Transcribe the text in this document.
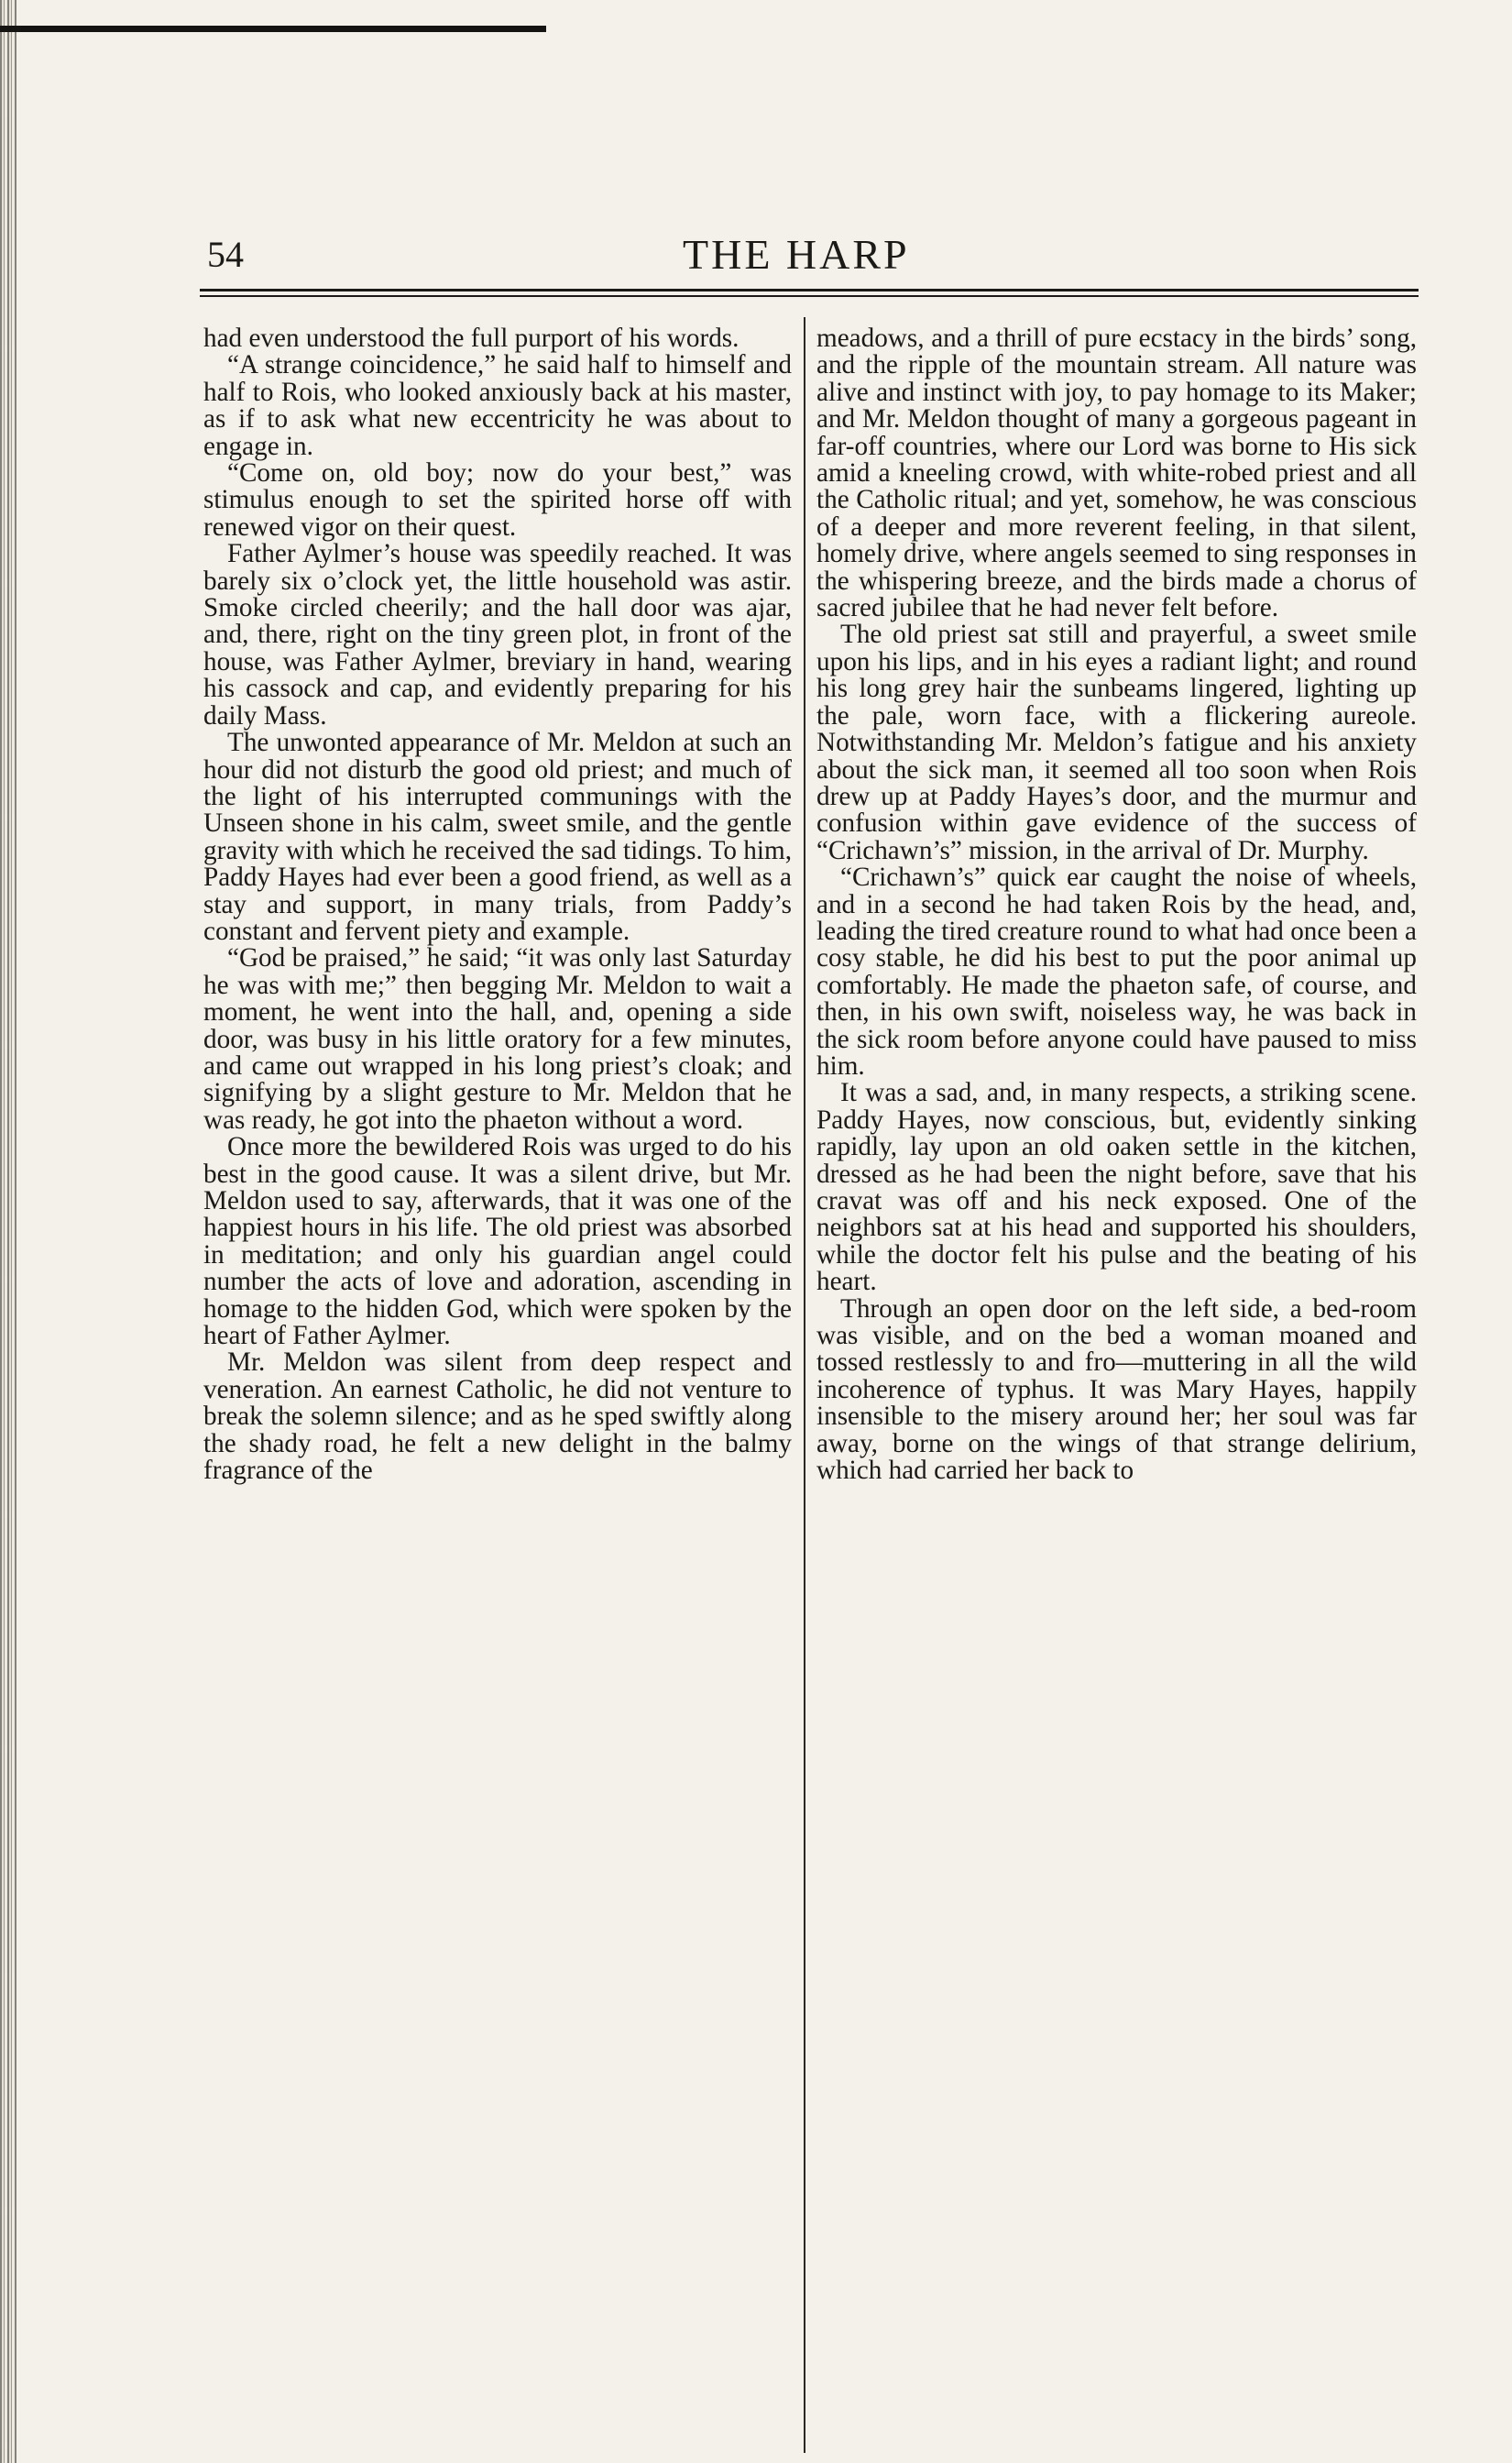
54	THE HARP

had even understood the full purport of his words.

“A strange coincidence,” he said half to himself and half to Rois, who looked anxiously back at his master, as if to ask what new eccentricity he was about to engage in.

“Come on, old boy; now do your best,” was stimulus enough to set the spirited horse off with renewed vigor on their quest.

Father Aylmer’s house was speedily reached. It was barely six o’clock yet, the little household was astir. Smoke circled cheerily; and the hall door was ajar, and, there, right on the tiny green plot, in front of the house, was Father Aylmer, breviary in hand, wearing his cassock and cap, and evidently preparing for his daily Mass.

The unwonted appearance of Mr. Meldon at such an hour did not disturb the good old priest; and much of the light of his interrupted communings with the Unseen shone in his calm, sweet smile, and the gentle gravity with which he received the sad tidings. To him, Paddy Hayes had ever been a good friend, as well as a stay and support, in many trials, from Paddy’s constant and fervent piety and example.

“God be praised,” he said; “it was only last Saturday he was with me;” then begging Mr. Meldon to wait a moment, he went into the hall, and, opening a side door, was busy in his little oratory for a few minutes, and came out wrapped in his long priest’s cloak; and signifying by a slight gesture to Mr. Meldon that he was ready, he got into the phaeton without a word.

Once more the bewildered Rois was urged to do his best in the good cause. It was a silent drive, but Mr. Meldon used to say, afterwards, that it was one of the happiest hours in his life. The old priest was absorbed in meditation; and only his guardian angel could number the acts of love and adoration, ascending in homage to the hidden God, which were spoken by the heart of Father Aylmer.

Mr. Meldon was silent from deep respect and veneration. An earnest Catholic, he did not venture to break the solemn silence; and as he sped swiftly along the shady road, he felt a new delight in the balmy fragrance of the

meadows, and a thrill of pure ecstacy in the birds’ song, and the ripple of the mountain stream. All nature was alive and instinct with joy, to pay homage to its Maker; and Mr. Meldon thought of many a gorgeous pageant in far-off countries, where our Lord was borne to His sick amid a kneeling crowd, with white-robed priest and all the Catholic ritual; and yet, somehow, he was conscious of a deeper and more reverent feeling, in that silent, homely drive, where angels seemed to sing responses in the whispering breeze, and the birds made a chorus of sacred jubilee that he had never felt before.

The old priest sat still and prayerful, a sweet smile upon his lips, and in his eyes a radiant light; and round his long grey hair the sunbeams lingered, lighting up the pale, worn face, with a flickering aureole. Notwithstanding Mr. Meldon’s fatigue and his anxiety about the sick man, it seemed all too soon when Rois drew up at Paddy Hayes’s door, and the murmur and confusion within gave evidence of the success of “Crichawn’s” mission, in the arrival of Dr. Murphy.

“Crichawn’s” quick ear caught the noise of wheels, and in a second he had taken Rois by the head, and, leading the tired creature round to what had once been a cosy stable, he did his best to put the poor animal up comfortably. He made the phaeton safe, of course, and then, in his own swift, noiseless way, he was back in the sick room before anyone could have paused to miss him.

It was a sad, and, in many respects, a striking scene. Paddy Hayes, now conscious, but, evidently sinking rapidly, lay upon an old oaken settle in the kitchen, dressed as he had been the night before, save that his cravat was off and his neck exposed. One of the neighbors sat at his head and supported his shoulders, while the doctor felt his pulse and the beating of his heart.

Through an open door on the left side, a bed-room was visible, and on the bed a woman moaned and tossed restlessly to and fro—muttering in all the wild incoherence of typhus. It was Mary Hayes, happily insensible to the misery around her; her soul was far away, borne on the wings of that strange delirium, which had carried her back to
